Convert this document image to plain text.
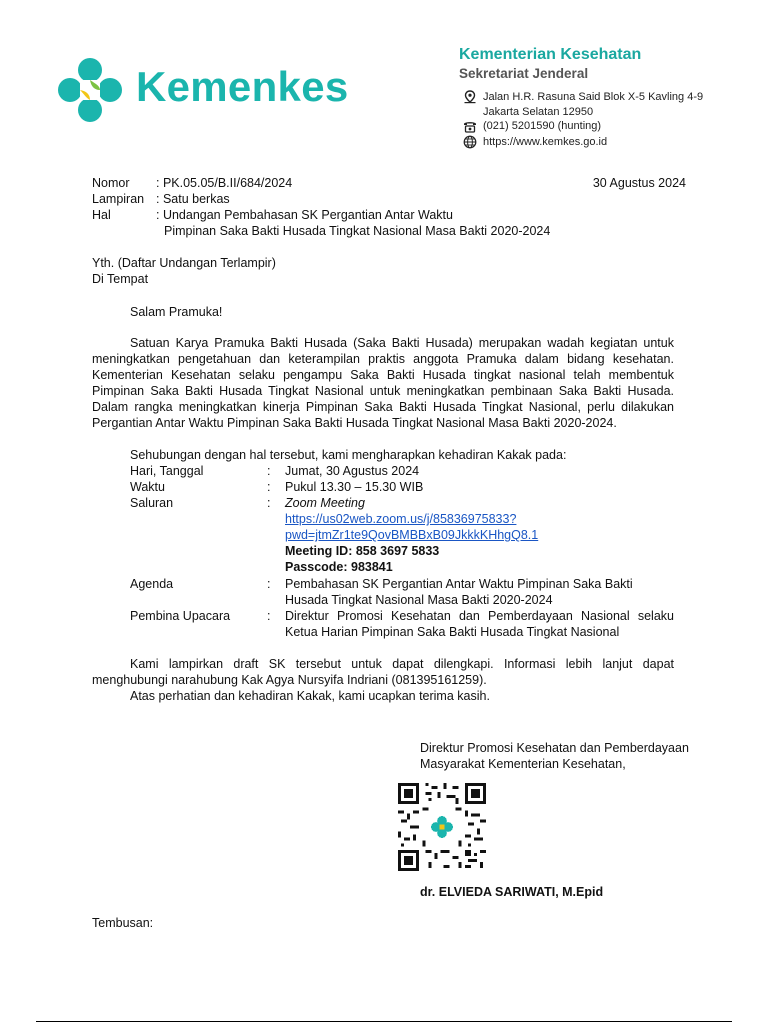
Kemenkes
Kementerian Kesehatan
Sekretariat Jenderal
Jalan H.R. Rasuna Said Blok X-5 Kavling 4-9
Jakarta Selatan 12950
(021) 5201590 (hunting)
https://www.kemkes.go.id
Nomor : PK.05.05/B.II/684/2024	30 Agustus 2024
Lampiran : Satu berkas
Hal	: Undangan Pembahasan SK Pergantian Antar Waktu
Pimpinan Saka Bakti Husada Tingkat Nasional Masa Bakti 2020-2024
Yth. (Daftar Undangan Terlampir)
Di Tempat
Salam Pramuka!
Satuan Karya Pramuka Bakti Husada (Saka Bakti Husada) merupakan wadah kegiatan untuk meningkatkan pengetahuan dan keterampilan praktis anggota Pramuka dalam bidang kesehatan. Kementerian Kesehatan selaku pengampu Saka Bakti Husada tingkat nasional telah membentuk Pimpinan Saka Bakti Husada Tingkat Nasional untuk meningkatkan pembinaan Saka Bakti Husada. Dalam rangka meningkatkan kinerja Pimpinan Saka Bakti Husada Tingkat Nasional, perlu dilakukan Pergantian Antar Waktu Pimpinan Saka Bakti Husada Tingkat Nasional Masa Bakti 2020-2024.
Sehubungan dengan hal tersebut, kami mengharapkan kehadiran Kakak pada:
Hari, Tanggal	:	Jumat, 30 Agustus 2024
Waktu	:	Pukul 13.30 – 15.30 WIB
Saluran	:	Zoom Meeting
https://us02web.zoom.us/j/85836975833?
pwd=jtmZr1te9QovBMBBxB09JkkkKHhgQ8.1
Meeting ID: 858 3697 5833
Passcode: 983841
Agenda	:	Pembahasan SK Pergantian Antar Waktu Pimpinan Saka Bakti Husada Tingkat Nasional Masa Bakti 2020-2024
Pembina Upacara	:	Direktur Promosi Kesehatan dan Pemberdayaan Nasional selaku Ketua Harian Pimpinan Saka Bakti Husada Tingkat Nasional
Kami lampirkan draft SK tersebut untuk dapat dilengkapi. Informasi lebih lanjut dapat menghubungi narahubung Kak Agya Nursyifa Indriani (081395161259).
Atas perhatian dan kehadiran Kakak, kami ucapkan terima kasih.
Direktur Promosi Kesehatan dan Pemberdayaan
Masyarakat Kementerian Kesehatan,
dr. ELVIEDA SARIWATI, M.Epid
Tembusan:
